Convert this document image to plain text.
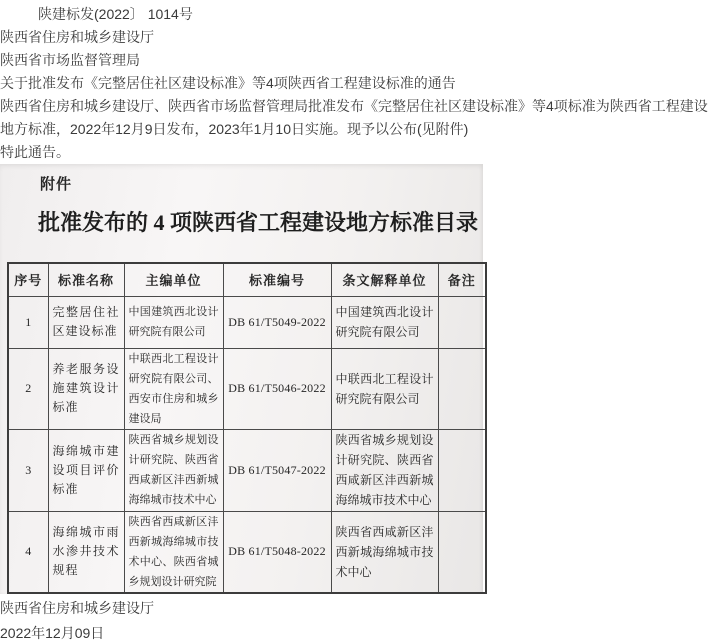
陕建标发(2022〕 1014号
陕西省住房和城乡建设厅
陕西省市场监督管理局
关于批准发布《完整居住社区建设标准》等4项陕西省工程建设标准的通告
陕西省住房和城乡建设厅、陕西省市场监督管理局批准发布《完整居住社区建设标准》等4项标准为陕西省工程建设
地方标准，2022年12月9日发布，2023年1月10日实施。现予以公布(见附件)
特此通告。
附件
批准发布的 4 项陕西省工程建设地方标准目录
序号	标准名称	主编单位	标准编号	条文解释单位	备注
1	完整居住社区建设标准	中国建筑西北设计研究院有限公司	DB 61/T5049-2022	中国建筑西北设计研究院有限公司	
2	养老服务设施建筑设计标准	中联西北工程设计研究院有限公司、西安市住房和城乡建设局	DB 61/T5046-2022	中联西北工程设计研究院有限公司	
3	海绵城市建设项目评价标准	陕西省城乡规划设计研究院、陕西省西咸新区沣西新城海绵城市技术中心	DB 61/T5047-2022	陕西省城乡规划设计研究院、陕西省西咸新区沣西新城海绵城市技术中心	
4	海绵城市雨水渗井技术规程	陕西省西咸新区沣西新城海绵城市技术中心、陕西省城乡规划设计研究院	DB 61/T5048-2022	陕西省西咸新区沣西新城海绵城市技术中心	
陕西省住房和城乡建设厅
2022年12月09日
